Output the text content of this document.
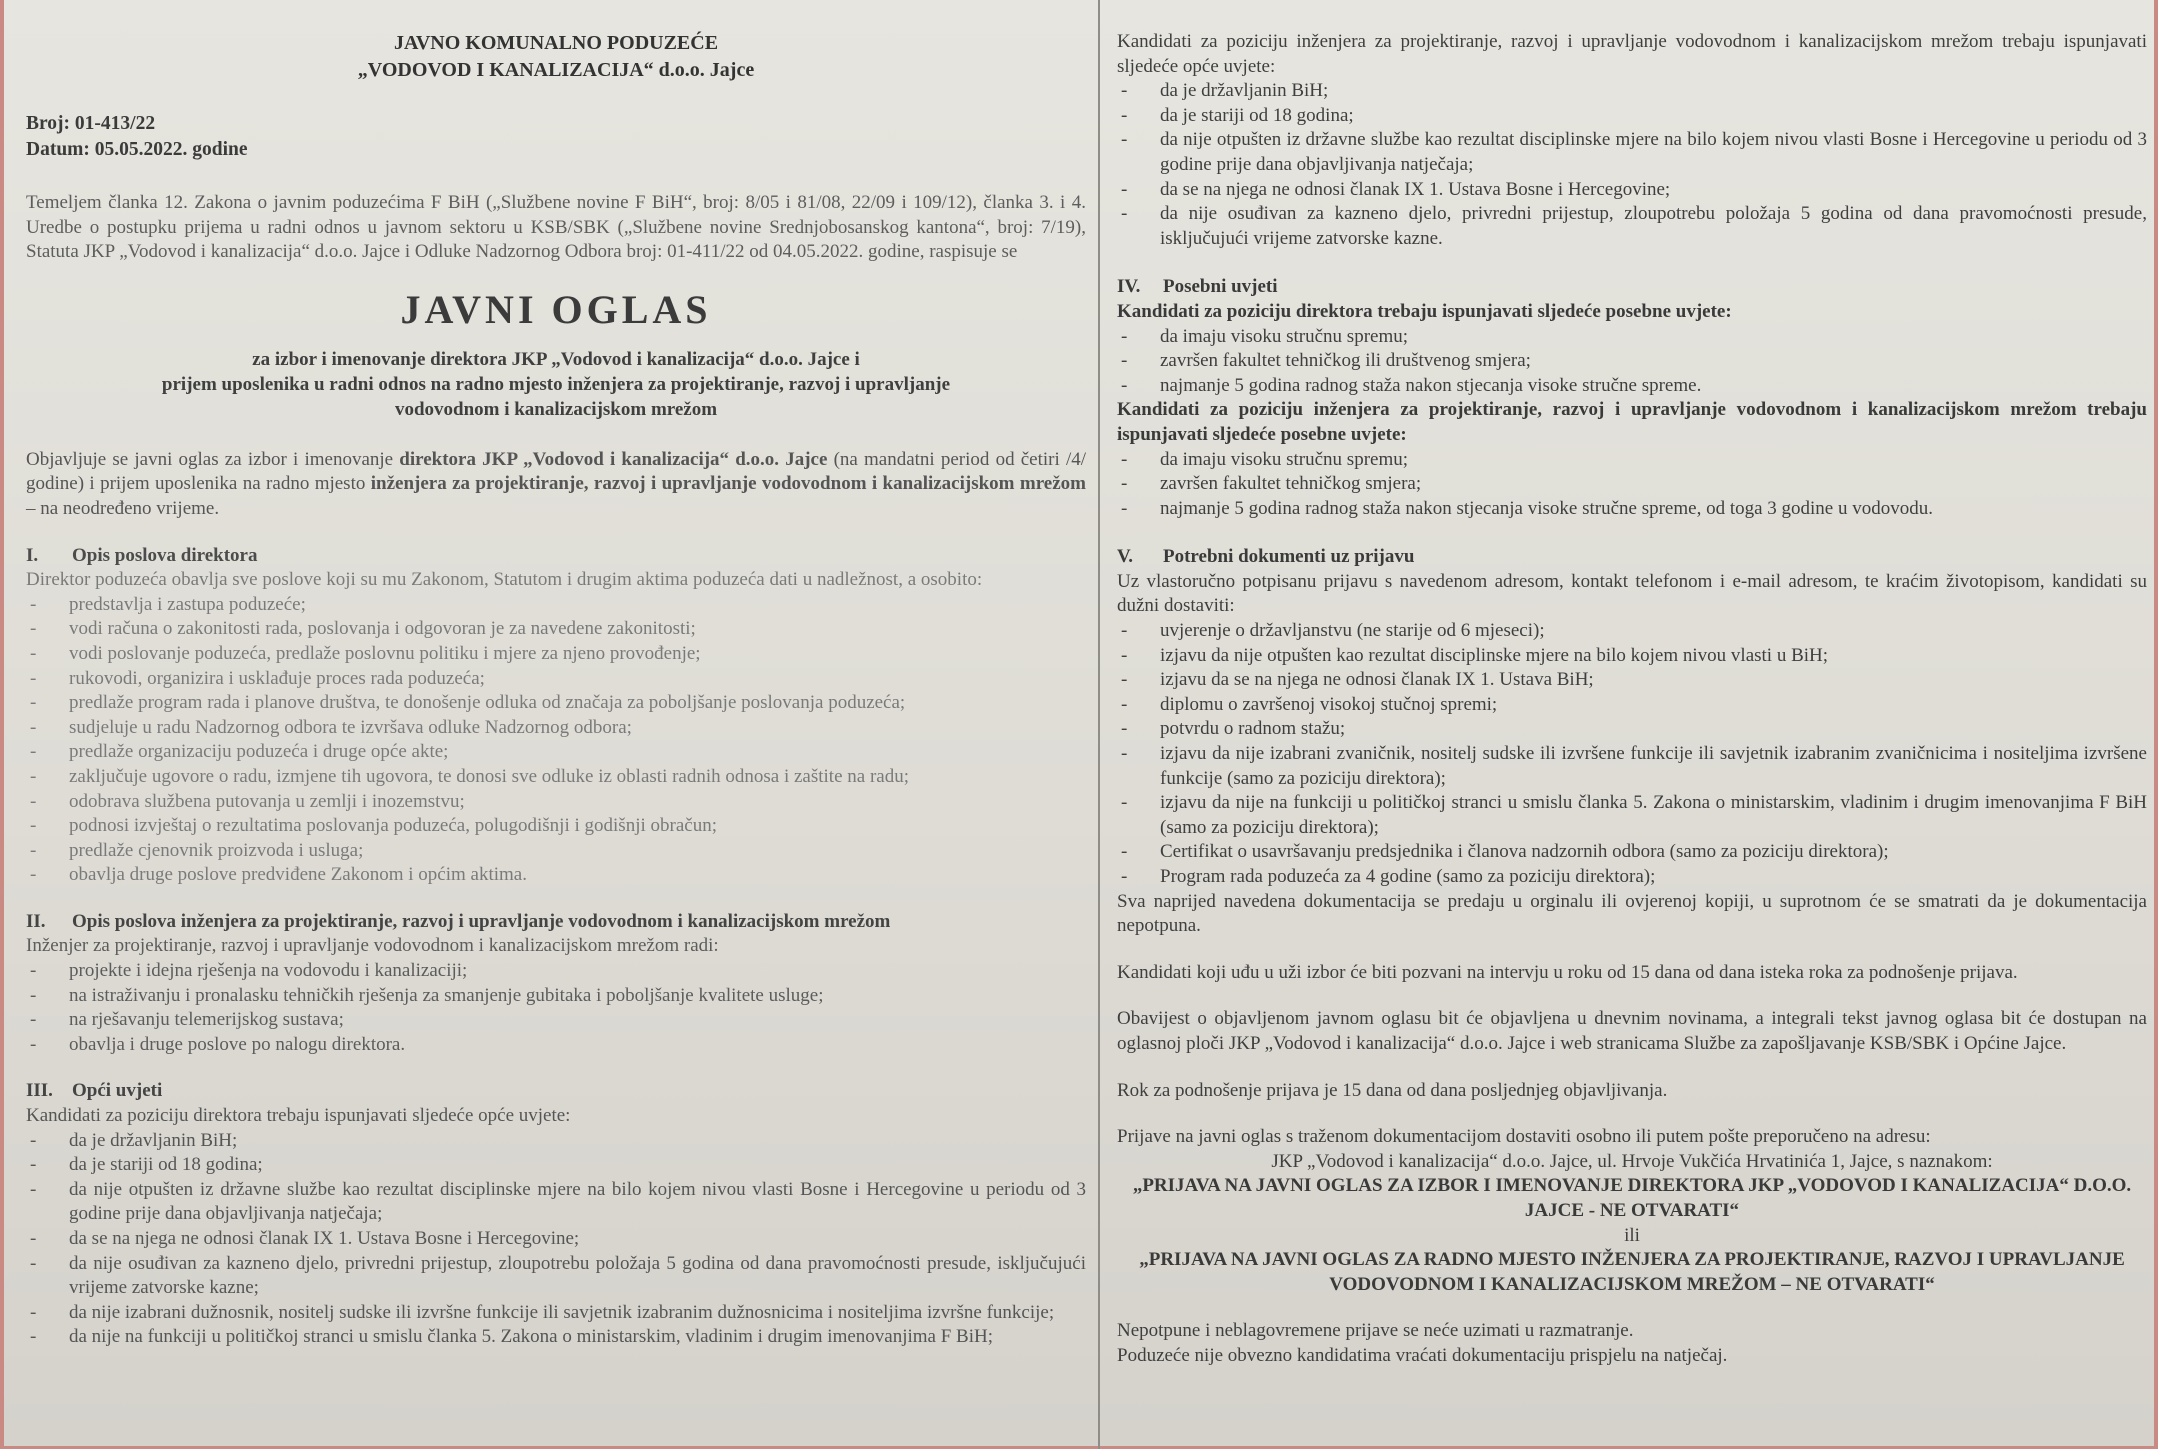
JAVNO KOMUNALNO PODUZEĆE

„VODOVOD I KANALIZACIJA“ d.o.o. Jajce

Broj: 01-413/22

Datum: 05.05.2022. godine

Temeljem članka 12. Zakona o javnim poduzećima F BiH („Službene novine F BiH“, broj: 8/05 i 81/08, 22/09 i 109/12), članka 3. i 4. Uredbe o postupku prijema u radni odnos u javnom sektoru u KSB/SBK („Službene novine Srednjobosanskog kantona“, broj: 7/19), Statuta JKP „Vodovod i kanalizacija“ d.o.o. Jajce i Odluke Nadzornog Odbora broj: 01-411/22 od 04.05.2022. godine, raspisuje se

JAVNI OGLAS

za izbor i imenovanje direktora JKP „Vodovod i kanalizacija“ d.o.o. Jajce i

prijem uposlenika u radni odnos na radno mjesto inženjera za projektiranje, razvoj i upravljanje

vodovodnom i kanalizacijskom mrežom

Objavljuje se javni oglas za izbor i imenovanje direktora JKP „Vodovod i kanalizacija“ d.o.o. Jajce (na mandatni period od četiri /4/ godine) i prijem uposlenika na radno mjesto inženjera za projektiranje, razvoj i upravljanje vodovodnom i kanalizacijskom mrežom – na neodređeno vrijeme.

I. Opis poslova direktora

Direktor poduzeća obavlja sve poslove koji su mu Zakonom, Statutom i drugim aktima poduzeća dati u nadležnost, a osobito:

- predstavlja i zastupa poduzeće;
- vodi računa o zakonitosti rada, poslovanja i odgovoran je za navedene zakonitosti;
- vodi poslovanje poduzeća, predlaže poslovnu politiku i mjere za njeno provođenje;
- rukovodi, organizira i usklađuje proces rada poduzeća;
- predlaže program rada i planove društva, te donošenje odluka od značaja za poboljšanje poslovanja poduzeća;
- sudjeluje u radu Nadzornog odbora te izvršava odluke Nadzornog odbora;
- predlaže organizaciju poduzeća i druge opće akte;
- zaključuje ugovore o radu, izmjene tih ugovora, te donosi sve odluke iz oblasti radnih odnosa i zaštite na radu;
- odobrava službena putovanja u zemlji i inozemstvu;
- podnosi izvještaj o rezultatima poslovanja poduzeća, polugodišnji i godišnji obračun;
- predlaže cjenovnik proizvoda i usluga;
- obavlja druge poslove predviđene Zakonom i općim aktima.

II. Opis poslova inženjera za projektiranje, razvoj i upravljanje vodovodnom i kanalizacijskom mrežom

Inženjer za projektiranje, razvoj i upravljanje vodovodnom i kanalizacijskom mrežom radi:

- projekte i idejna rješenja na vodovodu i kanalizaciji;
- na istraživanju i pronalasku tehničkih rješenja za smanjenje gubitaka i poboljšanje kvalitete usluge;
- na rješavanju telemerijskog sustava;
- obavlja i druge poslove po nalogu direktora.

III. Opći uvjeti

Kandidati za poziciju direktora trebaju ispunjavati sljedeće opće uvjete:

- da je državljanin BiH;
- da je stariji od 18 godina;
- da nije otpušten iz državne službe kao rezultat disciplinske mjere na bilo kojem nivou vlasti Bosne i Hercegovine u periodu od 3 godine prije dana objavljivanja natječaja;
- da se na njega ne odnosi članak IX 1. Ustava Bosne i Hercegovine;
- da nije osuđivan za kazneno djelo, privredni prijestup, zloupotrebu položaja 5 godina od dana pravomoćnosti presude, isključujući vrijeme zatvorske kazne;
- da nije izabrani dužnosnik, nositelj sudske ili izvršne funkcije ili savjetnik izabranim dužnosnicima i nositeljima izvršne funkcije;
- da nije na funkciji u političkoj stranci u smislu članka 5. Zakona o ministarskim, vladinim i drugim imenovanjima F BiH;

Kandidati za poziciju inženjera za projektiranje, razvoj i upravljanje vodovodnom i kanalizacijskom mrežom trebaju ispunjavati sljedeće opće uvjete:

- da je državljanin BiH;
- da je stariji od 18 godina;
- da nije otpušten iz državne službe kao rezultat disciplinske mjere na bilo kojem nivou vlasti Bosne i Hercegovine u periodu od 3 godine prije dana objavljivanja natječaja;
- da se na njega ne odnosi članak IX 1. Ustava Bosne i Hercegovine;
- da nije osuđivan za kazneno djelo, privredni prijestup, zloupotrebu položaja 5 godina od dana pravomoćnosti presude, isključujući vrijeme zatvorske kazne.

IV. Posebni uvjeti

Kandidati za poziciju direktora trebaju ispunjavati sljedeće posebne uvjete:

- da imaju visoku stručnu spremu;
- završen fakultet tehničkog ili društvenog smjera;
- najmanje 5 godina radnog staža nakon stjecanja visoke stručne spreme.

Kandidati za poziciju inženjera za projektiranje, razvoj i upravljanje vodovodnom i kanalizacijskom mrežom trebaju ispunjavati sljedeće posebne uvjete:

- da imaju visoku stručnu spremu;
- završen fakultet tehničkog smjera;
- najmanje 5 godina radnog staža nakon stjecanja visoke stručne spreme, od toga 3 godine u vodovodu.

V. Potrebni dokumenti uz prijavu

Uz vlastoručno potpisanu prijavu s navedenom adresom, kontakt telefonom i e-mail adresom, te kraćim životopisom, kandidati su dužni dostaviti:

- uvjerenje o državljanstvu (ne starije od 6 mjeseci);
- izjavu da nije otpušten kao rezultat disciplinske mjere na bilo kojem nivou vlasti u BiH;
- izjavu da se na njega ne odnosi članak IX 1. Ustava BiH;
- diplomu o završenoj visokoj stučnoj spremi;
- potvrdu o radnom stažu;
- izjavu da nije izabrani zvaničnik, nositelj sudske ili izvršene funkcije ili savjetnik izabranim zvaničnicima i nositeljima izvršene funkcije (samo za poziciju direktora);
- izjavu da nije na funkciji u političkoj stranci u smislu članka 5. Zakona o ministarskim, vladinim i drugim imenovanjima F BiH (samo za poziciju direktora);
- Certifikat o usavršavanju predsjednika i članova nadzornih odbora (samo za poziciju direktora);
- Program rada poduzeća za 4 godine (samo za poziciju direktora);

Sva naprijed navedena dokumentacija se predaju u orginalu ili ovjerenoj kopiji, u suprotnom će se smatrati da je dokumentacija nepotpuna.

Kandidati koji uđu u uži izbor će biti pozvani na intervju u roku od 15 dana od dana isteka roka za podnošenje prijava.

Obavijest o objavljenom javnom oglasu bit će objavljena u dnevnim novinama, a integrali tekst javnog oglasa bit će dostupan na oglasnoj ploči JKP „Vodovod i kanalizacija“ d.o.o. Jajce i web stranicama Službe za zapošljavanje KSB/SBK i Općine Jajce.

Rok za podnošenje prijava je 15 dana od dana posljednjeg objavljivanja.

Prijave na javni oglas s traženom dokumentacijom dostaviti osobno ili putem pošte preporučeno na adresu:

JKP „Vodovod i kanalizacija“ d.o.o. Jajce, ul. Hrvoje Vukčića Hrvatinića 1, Jajce, s naznakom:

„PRIJAVA NA JAVNI OGLAS ZA IZBOR I IMENOVANJE DIREKTORA JKP „VODOVOD I KANALIZACIJA“ D.O.O. JAJCE - NE OTVARATI“

ili

„PRIJAVA NA JAVNI OGLAS ZA RADNO MJESTO INŽENJERA ZA PROJEKTIRANJE, RAZVOJ I UPRAVLJANJE VODOVODNOM I KANALIZACIJSKOM MREŽOM – NE OTVARATI“

Nepotpune i neblagovremene prijave se neće uzimati u razmatranje.

Poduzeće nije obvezno kandidatima vraćati dokumentaciju prispjelu na natječaj.
